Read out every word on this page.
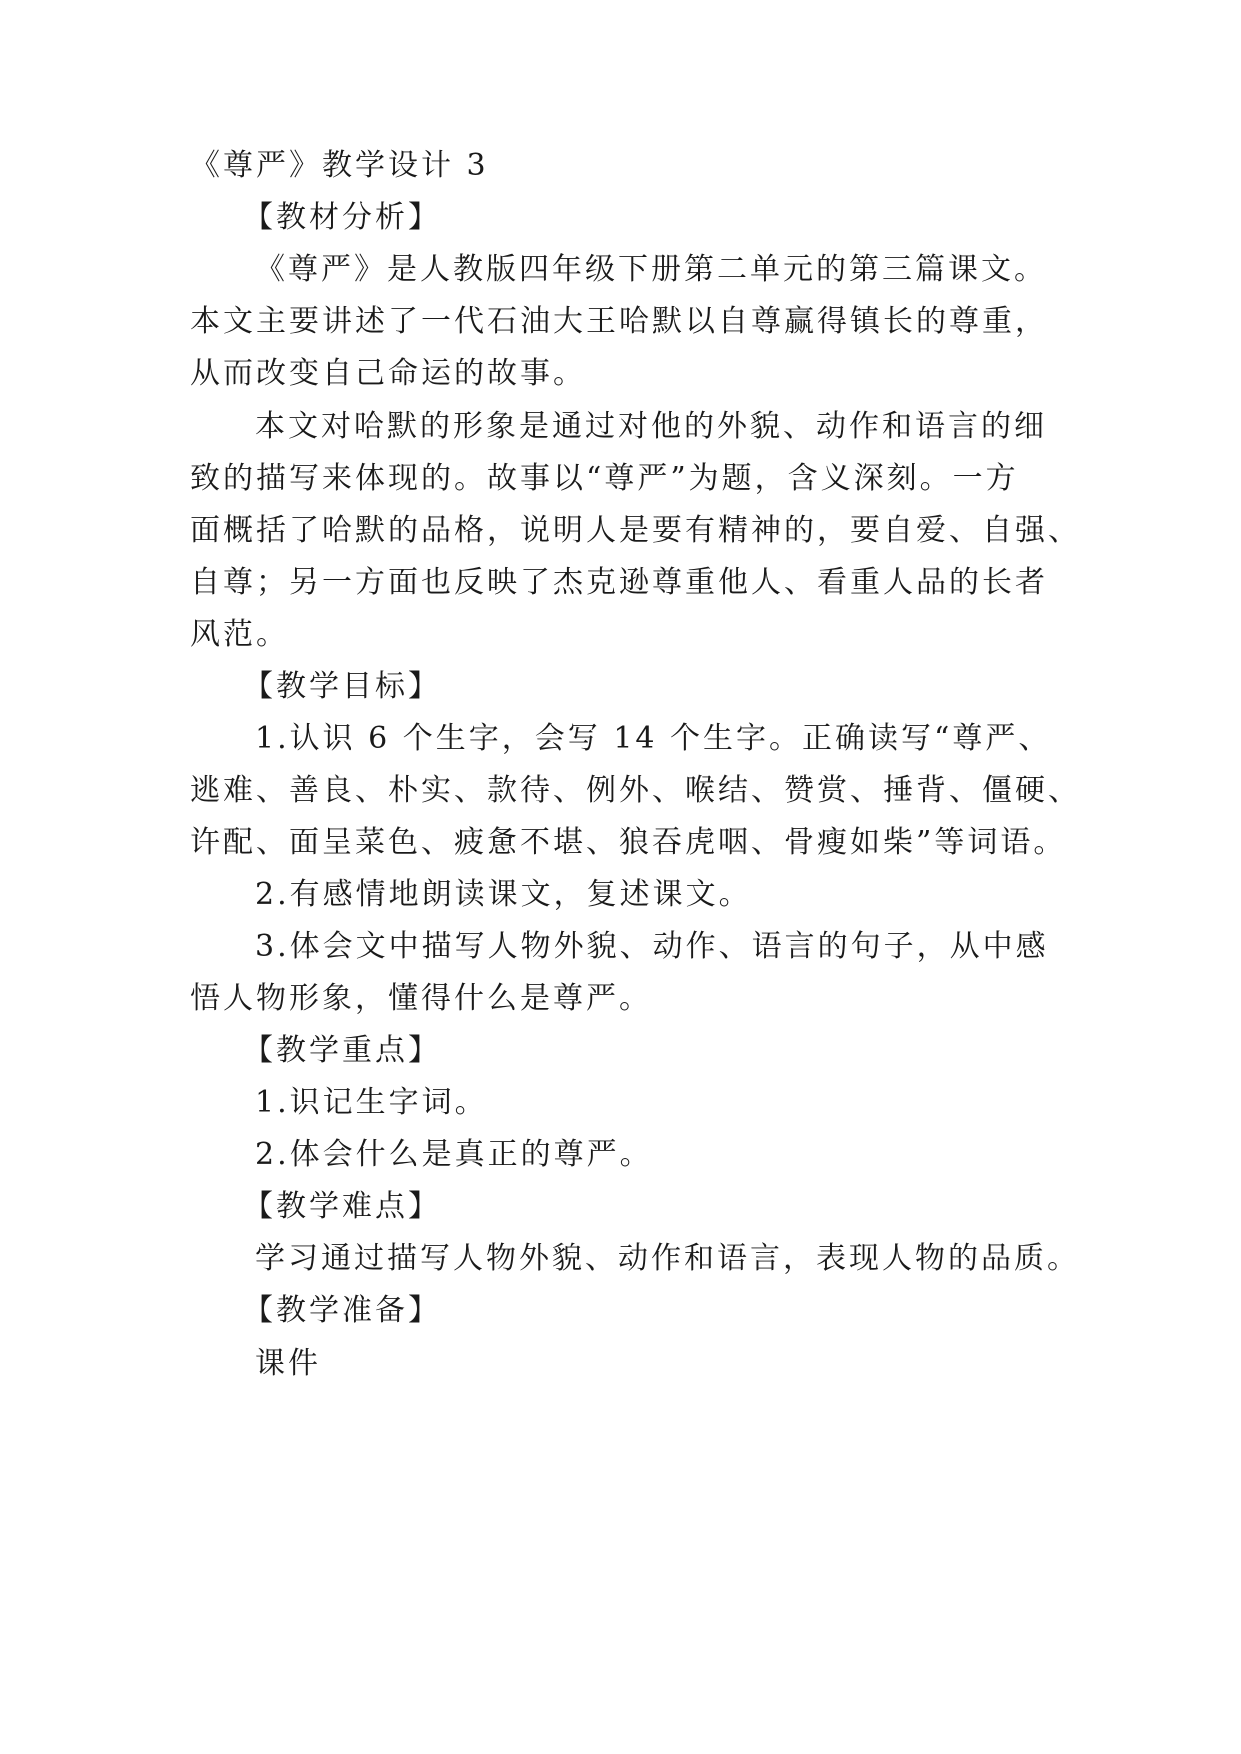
《尊严》教学设计 3
【教材分析】
《尊严》是人教版四年级下册第二单元的第三篇课文。
本文主要讲述了一代石油大王哈默以自尊赢得镇长的尊重，
从而改变自己命运的故事。
本文对哈默的形象是通过对他的外貌、动作和语言的细
致的描写来体现的。故事以“尊严”为题，含义深刻。一方
面概括了哈默的品格，说明人是要有精神的，要自爱、自强、
自尊；另一方面也反映了杰克逊尊重他人、看重人品的长者
风范。
【教学目标】
1.认识 6 个生字，会写 14 个生字。正确读写“尊严、
逃难、善良、朴实、款待、例外、喉结、赞赏、捶背、僵硬、
许配、面呈菜色、疲惫不堪、狼吞虎咽、骨瘦如柴”等词语。
2.有感情地朗读课文，复述课文。
3.体会文中描写人物外貌、动作、语言的句子，从中感
悟人物形象，懂得什么是尊严。
【教学重点】
1.识记生字词。
2.体会什么是真正的尊严。
【教学难点】
学习通过描写人物外貌、动作和语言，表现人物的品质。
【教学准备】
课件
